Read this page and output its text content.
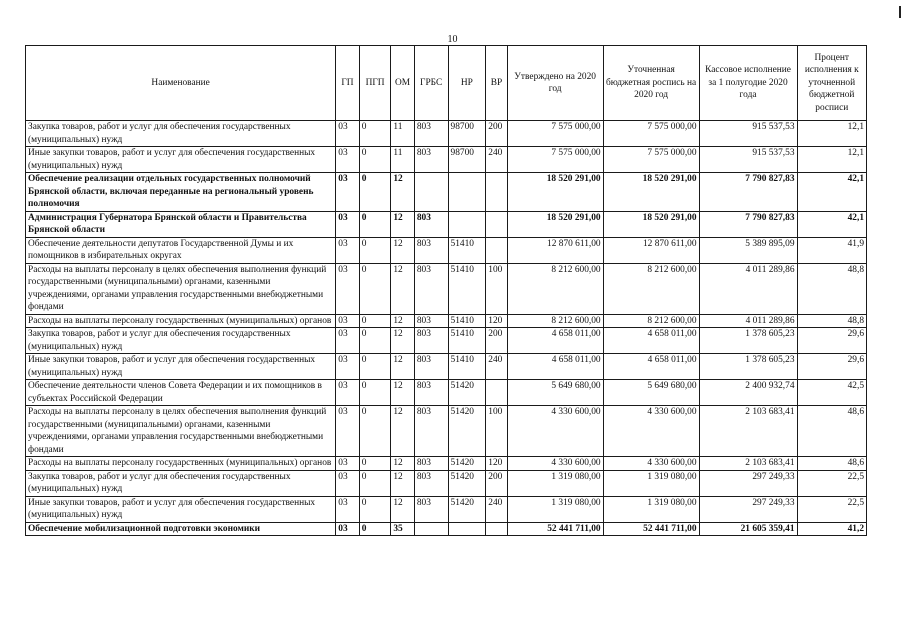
10
Наименование	ГП	ПГП	ОМ	ГРБС	НР	ВР	Утверждено на 2020 год	Уточненная бюджетная роспись на 2020 год	Кассовое исполнение за 1 полугодие 2020 года	Процент исполнения к уточненной бюджетной росписи
Закупка товаров, работ и услуг для обеспечения государственных (муниципальных) нужд	03	0	11	803	98700	200	7 575 000,00	7 575 000,00	915 537,53	12,1
Иные закупки товаров, работ и услуг для обеспечения государственных (муниципальных) нужд	03	0	11	803	98700	240	7 575 000,00	7 575 000,00	915 537,53	12,1
Обеспечение реализации отдельных государственных полномочий Брянской области, включая переданные на региональный уровень полномочия	03	0	12				18 520 291,00	18 520 291,00	7 790 827,83	42,1
Администрация Губернатора Брянской области и Правительства Брянской области	03	0	12	803			18 520 291,00	18 520 291,00	7 790 827,83	42,1
Обеспечение деятельности депутатов Государственной Думы и их помощников в избирательных округах	03	0	12	803	51410		12 870 611,00	12 870 611,00	5 389 895,09	41,9
Расходы на выплаты персоналу в целях обеспечения выполнения функций государственными (муниципальными) органами, казенными учреждениями, органами управления государственными внебюджетными фондами	03	0	12	803	51410	100	8 212 600,00	8 212 600,00	4 011 289,86	48,8
Расходы на выплаты персоналу государственных (муниципальных) органов	03	0	12	803	51410	120	8 212 600,00	8 212 600,00	4 011 289,86	48,8
Закупка товаров, работ и услуг для обеспечения государственных (муниципальных) нужд	03	0	12	803	51410	200	4 658 011,00	4 658 011,00	1 378 605,23	29,6
Иные закупки товаров, работ и услуг для обеспечения государственных (муниципальных) нужд	03	0	12	803	51410	240	4 658 011,00	4 658 011,00	1 378 605,23	29,6
Обеспечение деятельности членов Совета Федерации и их помощников в субъектах Российской Федерации	03	0	12	803	51420		5 649 680,00	5 649 680,00	2 400 932,74	42,5
Расходы на выплаты персоналу в целях обеспечения выполнения функций государственными (муниципальными) органами, казенными учреждениями, органами управления государственными внебюджетными фондами	03	0	12	803	51420	100	4 330 600,00	4 330 600,00	2 103 683,41	48,6
Расходы на выплаты персоналу государственных (муниципальных) органов	03	0	12	803	51420	120	4 330 600,00	4 330 600,00	2 103 683,41	48,6
Закупка товаров, работ и услуг для обеспечения государственных (муниципальных) нужд	03	0	12	803	51420	200	1 319 080,00	1 319 080,00	297 249,33	22,5
Иные закупки товаров, работ и услуг для обеспечения государственных (муниципальных) нужд	03	0	12	803	51420	240	1 319 080,00	1 319 080,00	297 249,33	22,5
Обеспечение мобилизационной подготовки экономики	03	0	35				52 441 711,00	52 441 711,00	21 605 359,41	41,2
